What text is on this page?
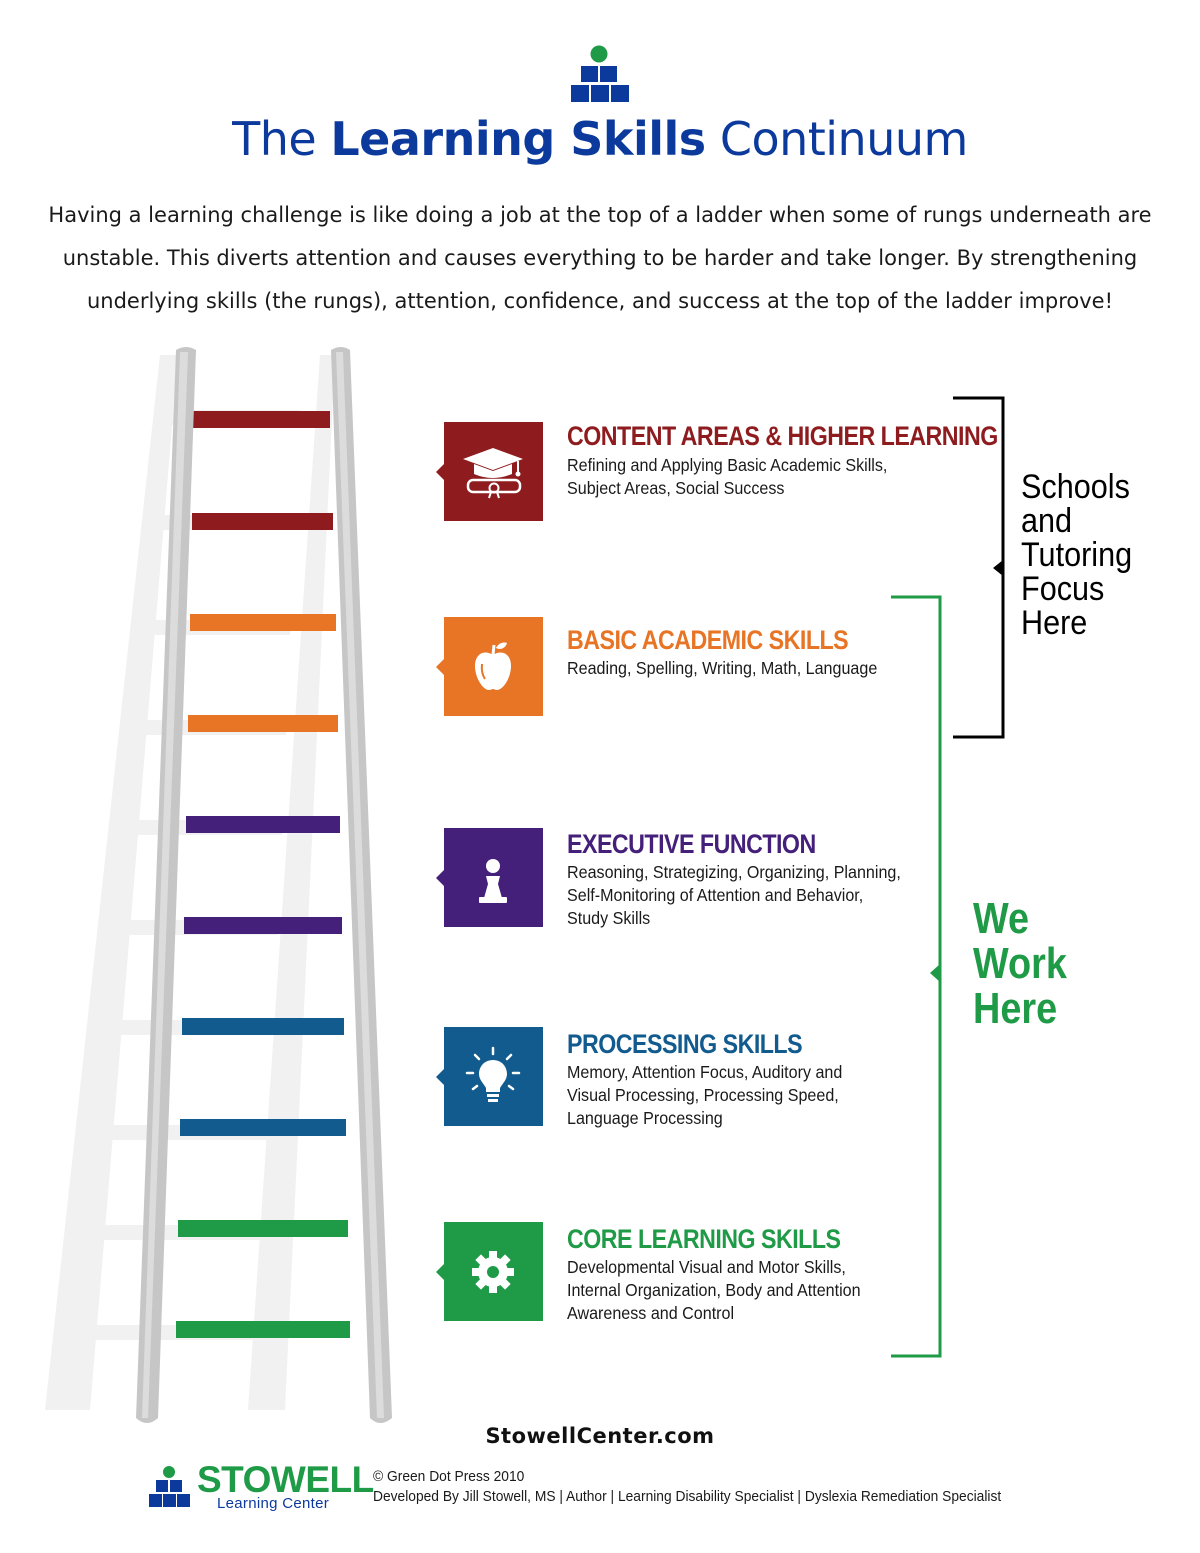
The Learning Skills Continuum
Having a learning challenge is like doing a job at the top of a ladder when some of rungs underneath are unstable. This diverts attention and causes everything to be harder and take longer. By strengthening underlying skills (the rungs), attention, confidence, and success at the top of the ladder improve!
CONTENT AREAS & HIGHER LEARNING
Refining and Applying Basic Academic Skills,
Subject Areas, Social Success
BASIC ACADEMIC SKILLS
Reading, Spelling, Writing, Math, Language
EXECUTIVE FUNCTION
Reasoning, Strategizing, Organizing, Planning,
Self-Monitoring of Attention and Behavior,
Study Skills
PROCESSING SKILLS
Memory, Attention Focus, Auditory and
Visual Processing, Processing Speed,
Language Processing
CORE LEARNING SKILLS
Developmental Visual and Motor Skills,
Internal Organization, Body and Attention
Awareness and Control
Schools
and
Tutoring
Focus
Here
We
Work
Here
StowellCenter.com
STOWELL
Learning Center
© Green Dot Press 2010
Developed By Jill Stowell, MS | Author | Learning Disability Specialist | Dyslexia Remediation Specialist
